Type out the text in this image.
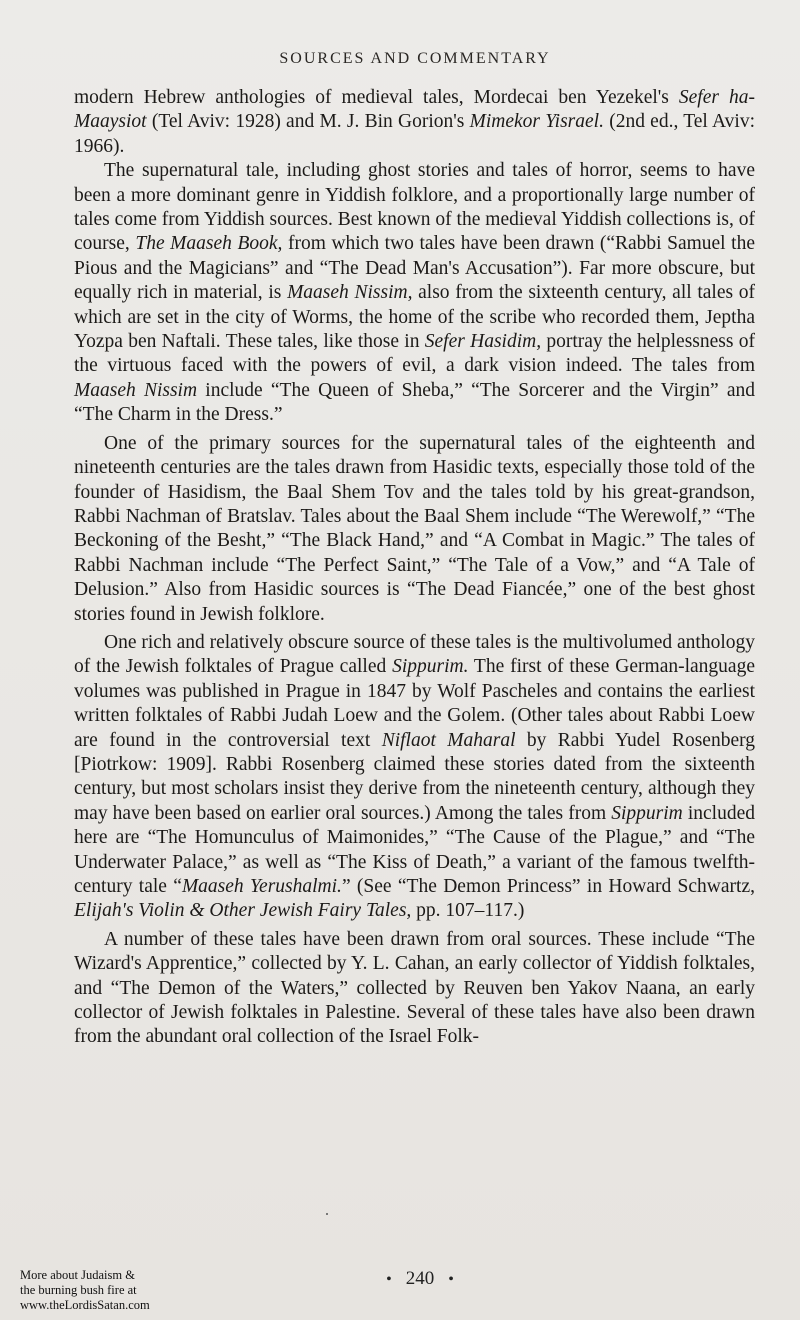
SOURCES AND COMMENTARY

modern Hebrew anthologies of medieval tales, Mordecai ben Yezekel's Sefer ha-Maaysiot (Tel Aviv: 1928) and M. J. Bin Gorion's Mimekor Yisrael. (2nd ed., Tel Aviv: 1966).

The supernatural tale, including ghost stories and tales of horror, seems to have been a more dominant genre in Yiddish folklore, and a proportionally large number of tales come from Yiddish sources. Best known of the medieval Yiddish collections is, of course, The Maaseh Book, from which two tales have been drawn (“Rabbi Samuel the Pious and the Magicians” and “The Dead Man's Accusation”). Far more obscure, but equally rich in material, is Maaseh Nissim, also from the sixteenth century, all tales of which are set in the city of Worms, the home of the scribe who recorded them, Jeptha Yozpa ben Naftali. These tales, like those in Sefer Hasidim, portray the helplessness of the virtuous faced with the powers of evil, a dark vision indeed. The tales from Maaseh Nissim include “The Queen of Sheba,” “The Sorcerer and the Virgin” and “The Charm in the Dress.”

One of the primary sources for the supernatural tales of the eighteenth and nineteenth centuries are the tales drawn from Hasidic texts, especially those told of the founder of Hasidism, the Baal Shem Tov and the tales told by his great-grandson, Rabbi Nachman of Bratslav. Tales about the Baal Shem include “The Werewolf,” “The Beckoning of the Besht,” “The Black Hand,” and “A Combat in Magic.” The tales of Rabbi Nachman include “The Perfect Saint,” “The Tale of a Vow,” and “A Tale of Delusion.” Also from Hasidic sources is “The Dead Fiancée,” one of the best ghost stories found in Jewish folklore.

One rich and relatively obscure source of these tales is the multivolumed anthology of the Jewish folktales of Prague called Sippurim. The first of these German-language volumes was published in Prague in 1847 by Wolf Pascheles and contains the earliest written folktales of Rabbi Judah Loew and the Golem. (Other tales about Rabbi Loew are found in the controversial text Niflaot Maharal by Rabbi Yudel Rosenberg [Piotrkow: 1909]. Rabbi Rosenberg claimed these stories dated from the sixteenth century, but most scholars insist they derive from the nineteenth century, although they may have been based on earlier oral sources.) Among the tales from Sippurim included here are “The Homunculus of Maimonides,” “The Cause of the Plague,” and “The Underwater Palace,” as well as “The Kiss of Death,” a variant of the famous twelfth-century tale “Maaseh Yerushalmi.” (See “The Demon Princess” in Howard Schwartz, Elijah's Violin & Other Jewish Fairy Tales, pp. 107–117.)

A number of these tales have been drawn from oral sources. These include “The Wizard's Apprentice,” collected by Y. L. Cahan, an early collector of Yiddish folktales, and “The Demon of the Waters,” collected by Reuven ben Yakov Naana, an early collector of Jewish folktales in Palestine. Several of these tales have also been drawn from the abundant oral collection of the Israel Folk-

• 240 •
More about Judaism &
the burning bush fire at
www.theLordisSatan.com
